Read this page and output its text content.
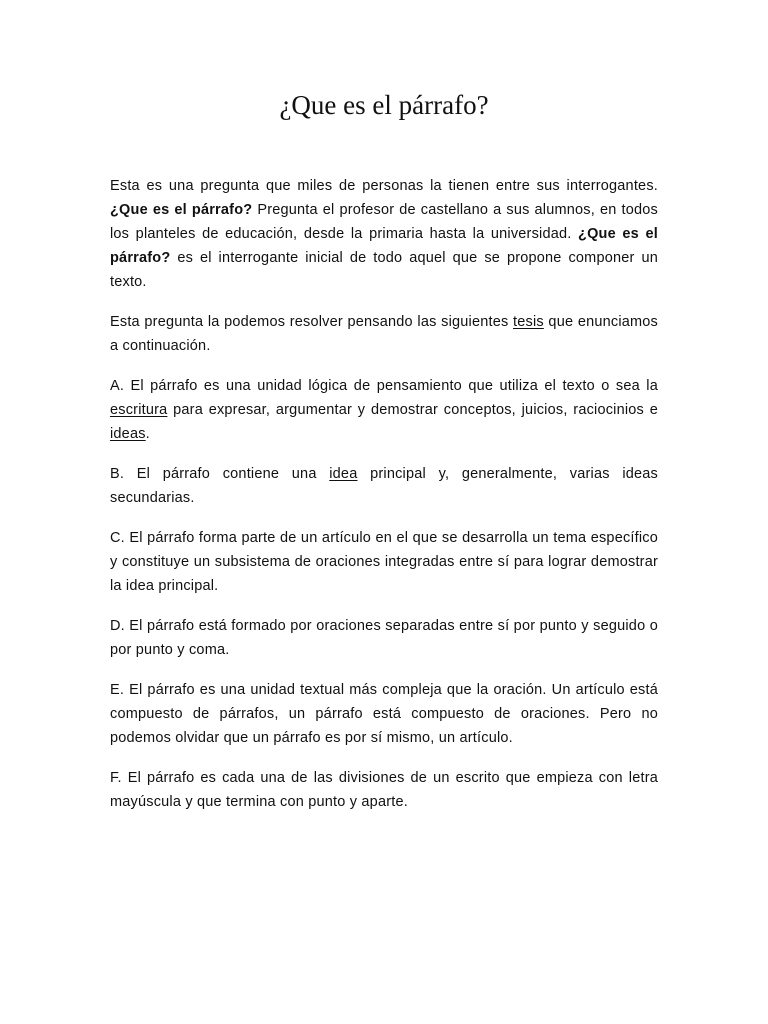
¿Que es el párrafo?

Esta es una pregunta que miles de personas la tienen entre sus interrogantes. ¿Que es el párrafo? Pregunta el profesor de castellano a sus alumnos, en todos los planteles de educación, desde la primaria hasta la universidad. ¿Que es el párrafo? es el interrogante inicial de todo aquel que se propone componer un texto.

Esta pregunta la podemos resolver pensando las siguientes tesis que enunciamos a continuación.

A. El párrafo es una unidad lógica de pensamiento que utiliza el texto o sea la escritura para expresar, argumentar y demostrar conceptos, juicios, raciocinios e ideas.

B. El párrafo contiene una idea principal y, generalmente, varias ideas secundarias.

C. El párrafo forma parte de un artículo en el que se desarrolla un tema específico y constituye un subsistema de oraciones integradas entre sí para lograr demostrar la idea principal.

D. El párrafo está formado por oraciones separadas entre sí por punto y seguido o por punto y coma.

E. El párrafo es una unidad textual más compleja que la oración. Un artículo está compuesto de párrafos, un párrafo está compuesto de oraciones. Pero no podemos olvidar que un párrafo es por sí mismo, un artículo.

F. El párrafo es cada una de las divisiones de un escrito que empieza con letra mayúscula y que termina con punto y aparte.
